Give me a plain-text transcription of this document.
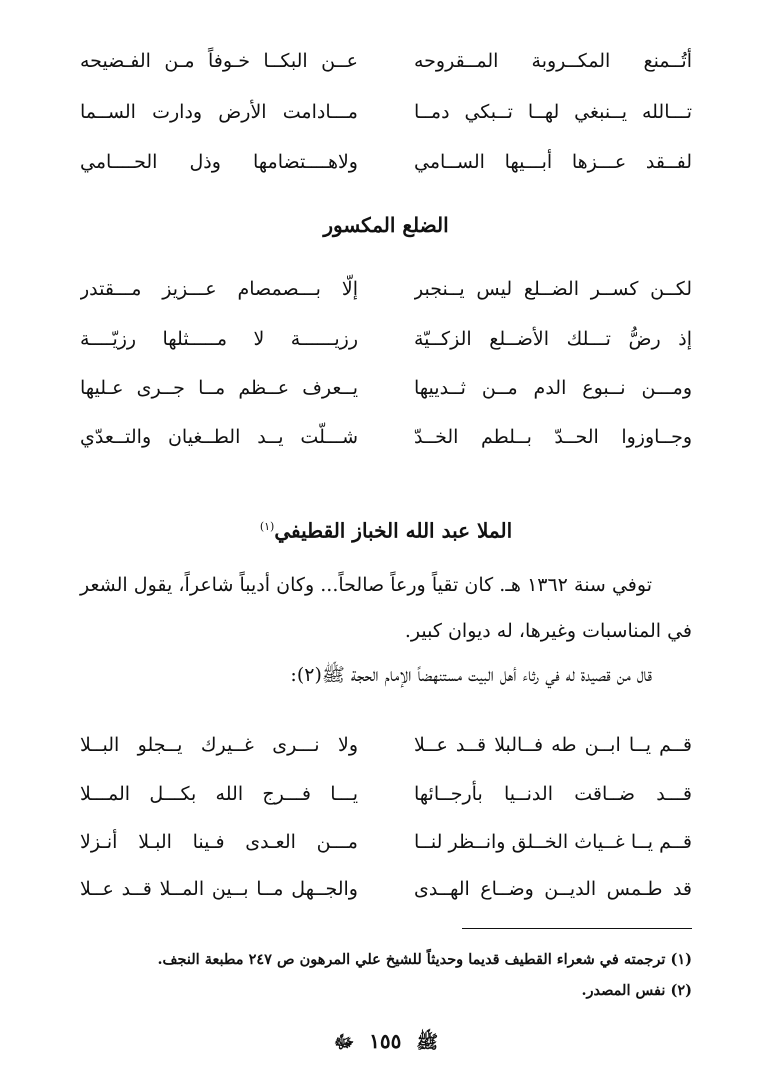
أتُــمنع المكــروبة المــقروحه
عــن البكــا خـوفاً مـن الفـضيحه
تـــالله يــنبغي لهــا تــبكي دمــا
مـــادامت الأرض ودارت الســما
لفــقد عـــزها أبـــيها الســامي
ولاهــــتضامها وذل الحــــامي
الضلع المكسور
لكــن كســر الضــلع ليس يــنجبر
إلّا بـــصمصام عـــزيز مـــقتدر
إذ رضُّ تـــلك الأضــلع الزكــيّة
رزيــــــة لا مـــــثلها رزيّــــة
ومـــن نــبوع الدم مــن ثــدييها
يــعرف عــظم مــا جــرى عـليها
وجــاوزوا الحــدّ بــلطم الخــدّ
شـــلّت يــد الطــغيان والتــعدّي
الملا عبد الله الخباز القطيفي$^{(١)}$

توفي سنة ١٣٦٢ هـ. كان تقياً ورعاً صالحاً... وكان أديباً شاعراً، يقول الشعر في المناسبات وغيرها، له ديوان كبير.

قال من قصيدة له في رثاء أهل البيت مستنهضاً الإمام الحجة ﷺ(٢):

قــم يــا ابــن طه فــالبلا قــد عــلا
ولا نـــرى غــيرك يــجلو البــلا
قـــد ضــاقت الدنــيا بأرجــائها
يـــا فـــرج الله بكـــل المـــلا
قــم يــا غــياث الخــلق وانــظر لنــا
مـــن العـدى فـينا البـلا أنـزلا
قد طـمس الديــن وضــاع الهــدى
والجــهل مــا بــين المــلا قــد عــلا
(١) ترجمته في شعراء القطيف قديما وحديثاً للشيخ علي المرهون ص ٢٤٧ مطبعة النجف.
(٢) نفس المصدر.
ﷺ ١٥٥ ﷻ
